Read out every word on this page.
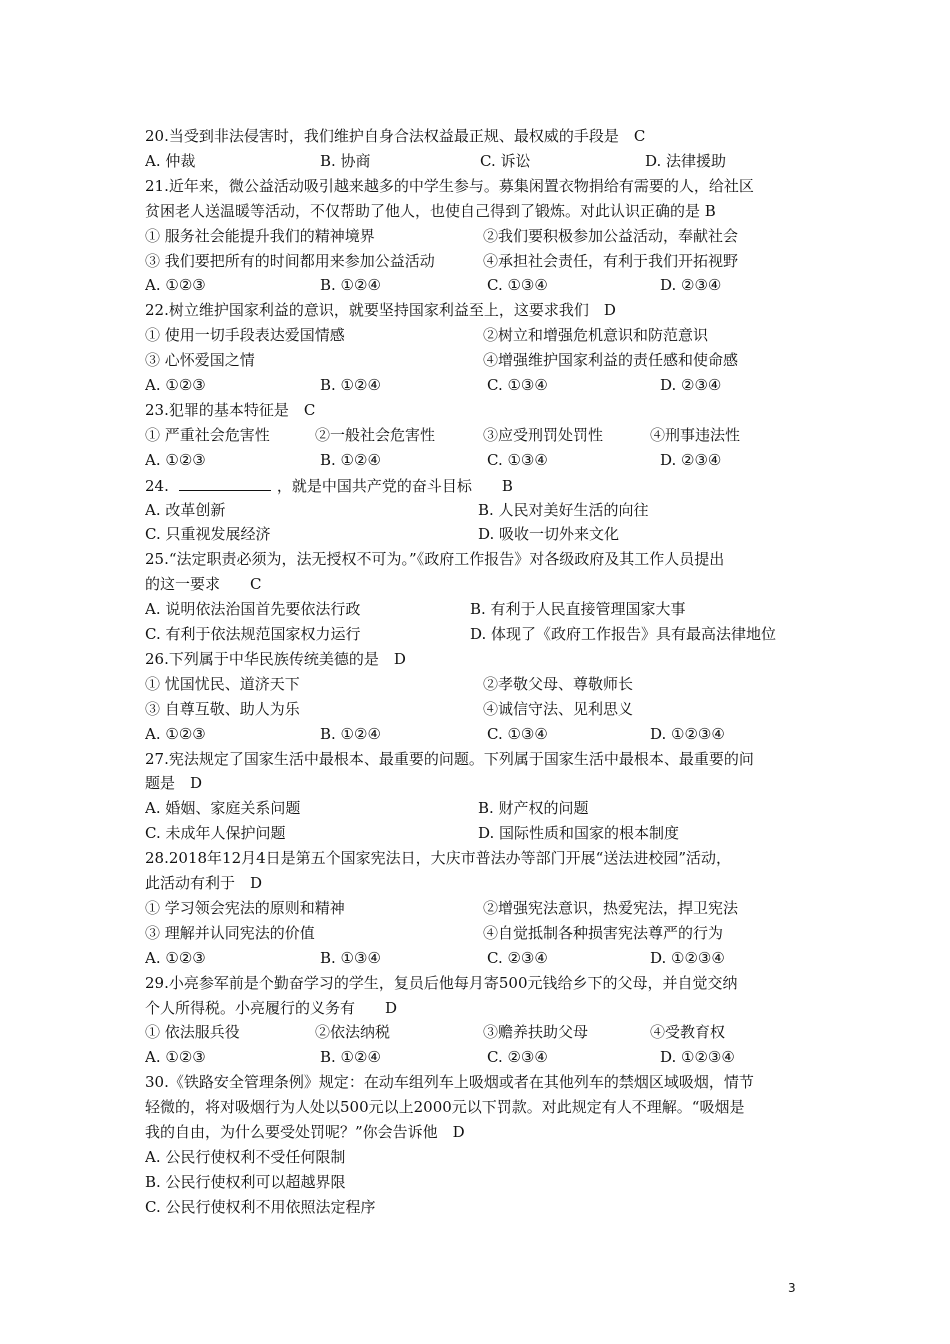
20.当受到非法侵害时，我们维护自身合法权益最正规、最权威的手段是　C
A. 仲裁	B. 协商	C. 诉讼	D. 法律援助
21.近年来，微公益活动吸引越来越多的中学生参与。募集闲置衣物捐给有需要的人，给社区
贫困老人送温暖等活动，不仅帮助了他人，也使自己得到了锻炼。对此认识正确的是 B
① 服务社会能提升我们的精神境界	②我们要积极参加公益活动，奉献社会
③ 我们要把所有的时间都用来参加公益活动	④承担社会责任，有利于我们开拓视野
A. ①②③	B. ①②④	C. ①③④	D. ②③④
22.树立维护国家利益的意识，就要坚持国家利益至上，这要求我们　D
① 使用一切手段表达爱国情感	②树立和增强危机意识和防范意识
③ 心怀爱国之情	④增强维护国家利益的责任感和使命感
A. ①②③	B. ①②④	C. ①③④	D. ②③④
23.犯罪的基本特征是　C
① 严重社会危害性	②一般社会危害性	③应受刑罚处罚性	④刑事违法性
A. ①②③	B. ①②④	C. ①③④	D. ②③④
24.	，就是中国共产党的奋斗目标　　B
A. 改革创新	B. 人民对美好生活的向往
C. 只重视发展经济	D. 吸收一切外来文化
25.“法定职责必须为，法无授权不可为。”《政府工作报告》对各级政府及其工作人员提出
的这一要求　　C
A. 说明依法治国首先要依法行政	B. 有利于人民直接管理国家大事
C. 有利于依法规范国家权力运行	D. 体现了《政府工作报告》具有最高法律地位
26.下列属于中华民族传统美德的是　D
① 忧国忧民、道济天下	②孝敬父母、尊敬师长
③ 自尊互敬、助人为乐	④诚信守法、见利思义
A. ①②③	B. ①②④	C. ①③④	D. ①②③④
27.宪法规定了国家生活中最根本、最重要的问题。下列属于国家生活中最根本、最重要的问
题是　D
A. 婚姻、家庭关系问题	B. 财产权的问题
C. 未成年人保护问题	D. 国际性质和国家的根本制度
28.2018年12月4日是第五个国家宪法日，大庆市普法办等部门开展“送法进校园”活动，
此活动有利于　D
① 学习领会宪法的原则和精神	②增强宪法意识，热爱宪法，捍卫宪法
③ 理解并认同宪法的价值	④自觉抵制各种损害宪法尊严的行为
A. ①②③	B. ①③④	C. ②③④	D. ①②③④
29.小亮参军前是个勤奋学习的学生，复员后他每月寄500元钱给乡下的父母，并自觉交纳
个人所得税。小亮履行的义务有　　D
① 依法服兵役	②依法纳税	③赡养扶助父母	④受教育权
A. ①②③	B. ①②④	C. ②③④	D. ①②③④
30.《铁路安全管理条例》规定：在动车组列车上吸烟或者在其他列车的禁烟区域吸烟，情节
轻微的，将对吸烟行为人处以500元以上2000元以下罚款。对此规定有人不理解。“吸烟是
我的自由，为什么要受处罚呢？”你会告诉他　D
A. 公民行使权利不受任何限制
B. 公民行使权利可以超越界限
C. 公民行使权利不用依照法定程序
3
